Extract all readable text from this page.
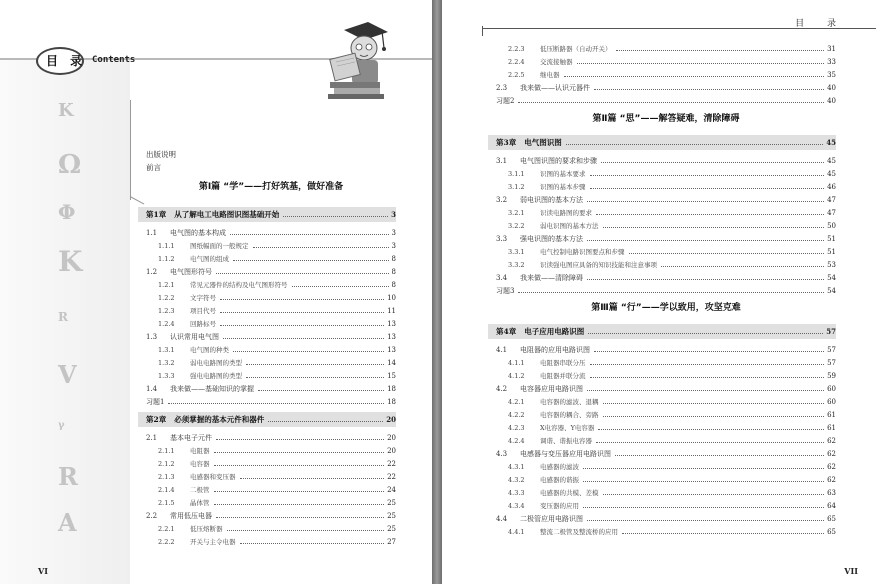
目 录 Contents
K
Ω
Φ
K
R
V
γ
R
A
出版说明
前言
第Ⅰ篇 “学”——打好筑基，做好准备
第1章 从了解电工电路图识图基础开始	3
1.1	电气图的基本构成	3
1.1.1	图纸幅面的一般规定	3
1.1.2	电气图的组成	8
1.2	电气图形符号	8
1.2.1	常见元器件的结构及电气图形符号	8
1.2.2	文字符号	10
1.2.3	项目代号	11
1.2.4	回路标号	13
1.3	认识常用电气图	13
1.3.1	电气图的种类	13
1.3.2	弱电电路图的类型	14
1.3.3	强电电路图的类型	15
1.4	我来做——基础知识的掌握	18
习题1	18
第2章 必须掌握的基本元件和器件	20
2.1	基本电子元件	20
2.1.1	电阻器	20
2.1.2	电容器	22
2.1.3	电感器和变压器	22
2.1.4	二极管	24
2.1.5	晶体管	25
2.2	常用低压电器	25
2.2.1	低压熔断器	25
2.2.2	开关与主令电器	27
VI
目 录
2.2.3	低压断路器（自动开关）	31
2.2.4	交流接触器	33
2.2.5	继电器	35
2.3	我来做——认识元器件	40
习题2	40
第Ⅱ篇 “思”——解答疑难，清除障碍
第3章 电气图识图	45
3.1	电气图识图的要求和步骤	45
3.1.1	识图的基本要求	45
3.1.2	识图的基本步骤	46
3.2	弱电识图的基本方法	47
3.2.1	识读电路图的要求	47
3.2.2	弱电识图的基本方法	50
3.3	强电识图的基本方法	51
3.3.1	电气控制电路识图要点和步骤	51
3.3.2	识读强电图应具备的知识技能和注意事项	53
3.4	我来做——清除障碍	54
习题3	54
第Ⅲ篇 “行”——学以致用，攻坚克难
第4章 电子应用电路识图	57
4.1	电阻器的应用电路识图	57
4.1.1	电阻器串联分压	57
4.1.2	电阻器并联分流	59
4.2	电容器应用电路识图	60
4.2.1	电容器的滤波、退耦	60
4.2.2	电容器的耦合、旁路	61
4.2.3	X电容器、Y电容器	61
4.2.4	调谐、谐振电容器	62
4.3	电感器与变压器应用电路识图	62
4.3.1	电感器的滤波	62
4.3.2	电感器的谐振	62
4.3.3	电感器的共模、差模	63
4.3.4	变压器的应用	64
4.4	二极管应用电路识图	65
4.4.1	整流二极管及整流桥的应用	65
VII
